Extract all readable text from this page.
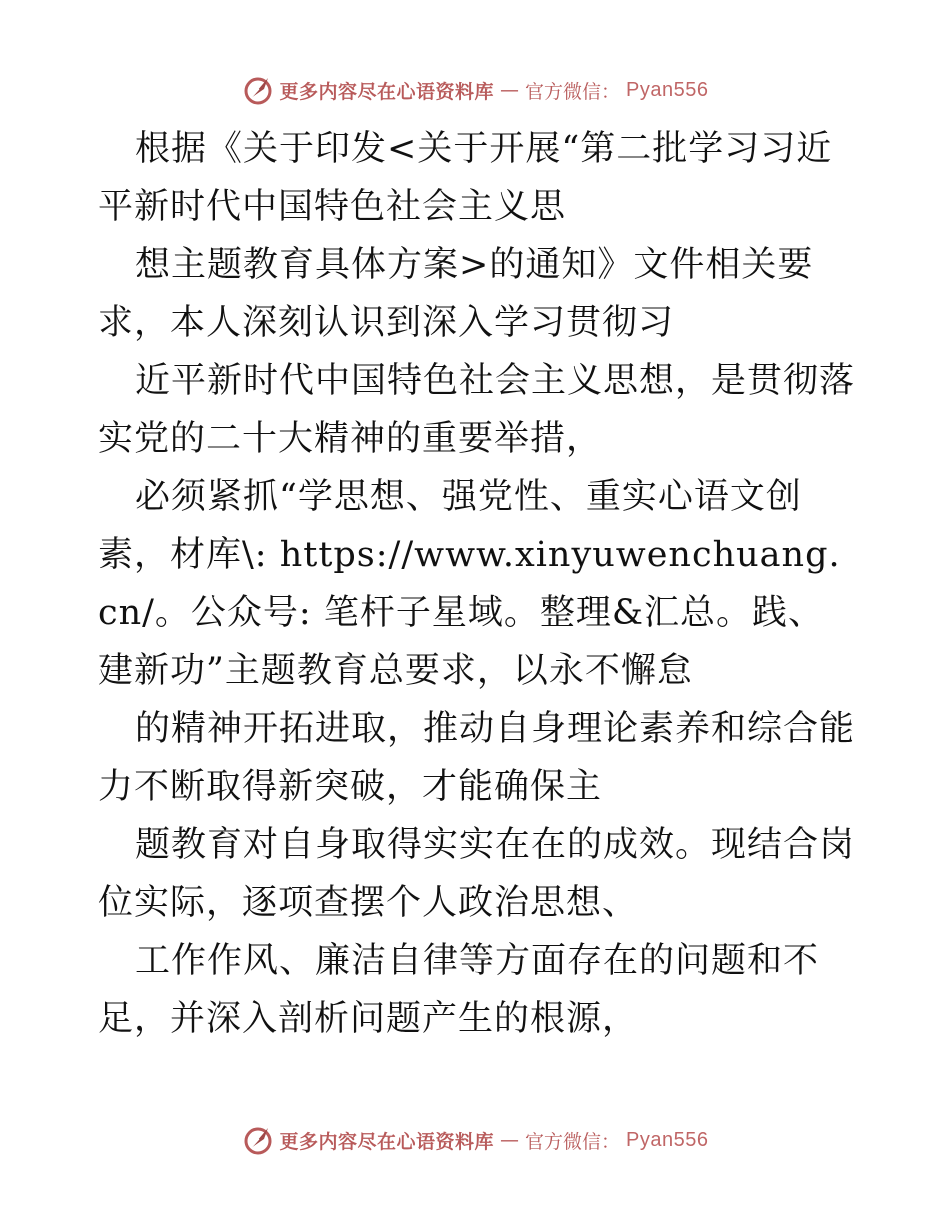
更多内容尽在心语资料库 — 官方微信： Pyan556

根据《关于印发<关于开展“第二批学习习近平新时代中国特色社会主义思

想主题教育具体方案>的通知》文件相关要求，本人深刻认识到深入学习贯彻习

近平新时代中国特色社会主义思想，是贯彻落实党的二十大精神的重要举措，

必须紧抓“学思想、强党性、重实心语文创素，材库\: https://www.xinyuwenchuang.cn/。公众号: 笔杆子星域。整理&汇总。践、建新功”主题教育总要求，以永不懈怠

的精神开拓进取，推动自身理论素养和综合能力不断取得新突破，才能确保主

题教育对自身取得实实在在的成效。现结合岗位实际，逐项查摆个人政治思想、

工作作风、廉洁自律等方面存在的问题和不足，并深入剖析问题产生的根源，

更多内容尽在心语资料库 — 官方微信： Pyan556
